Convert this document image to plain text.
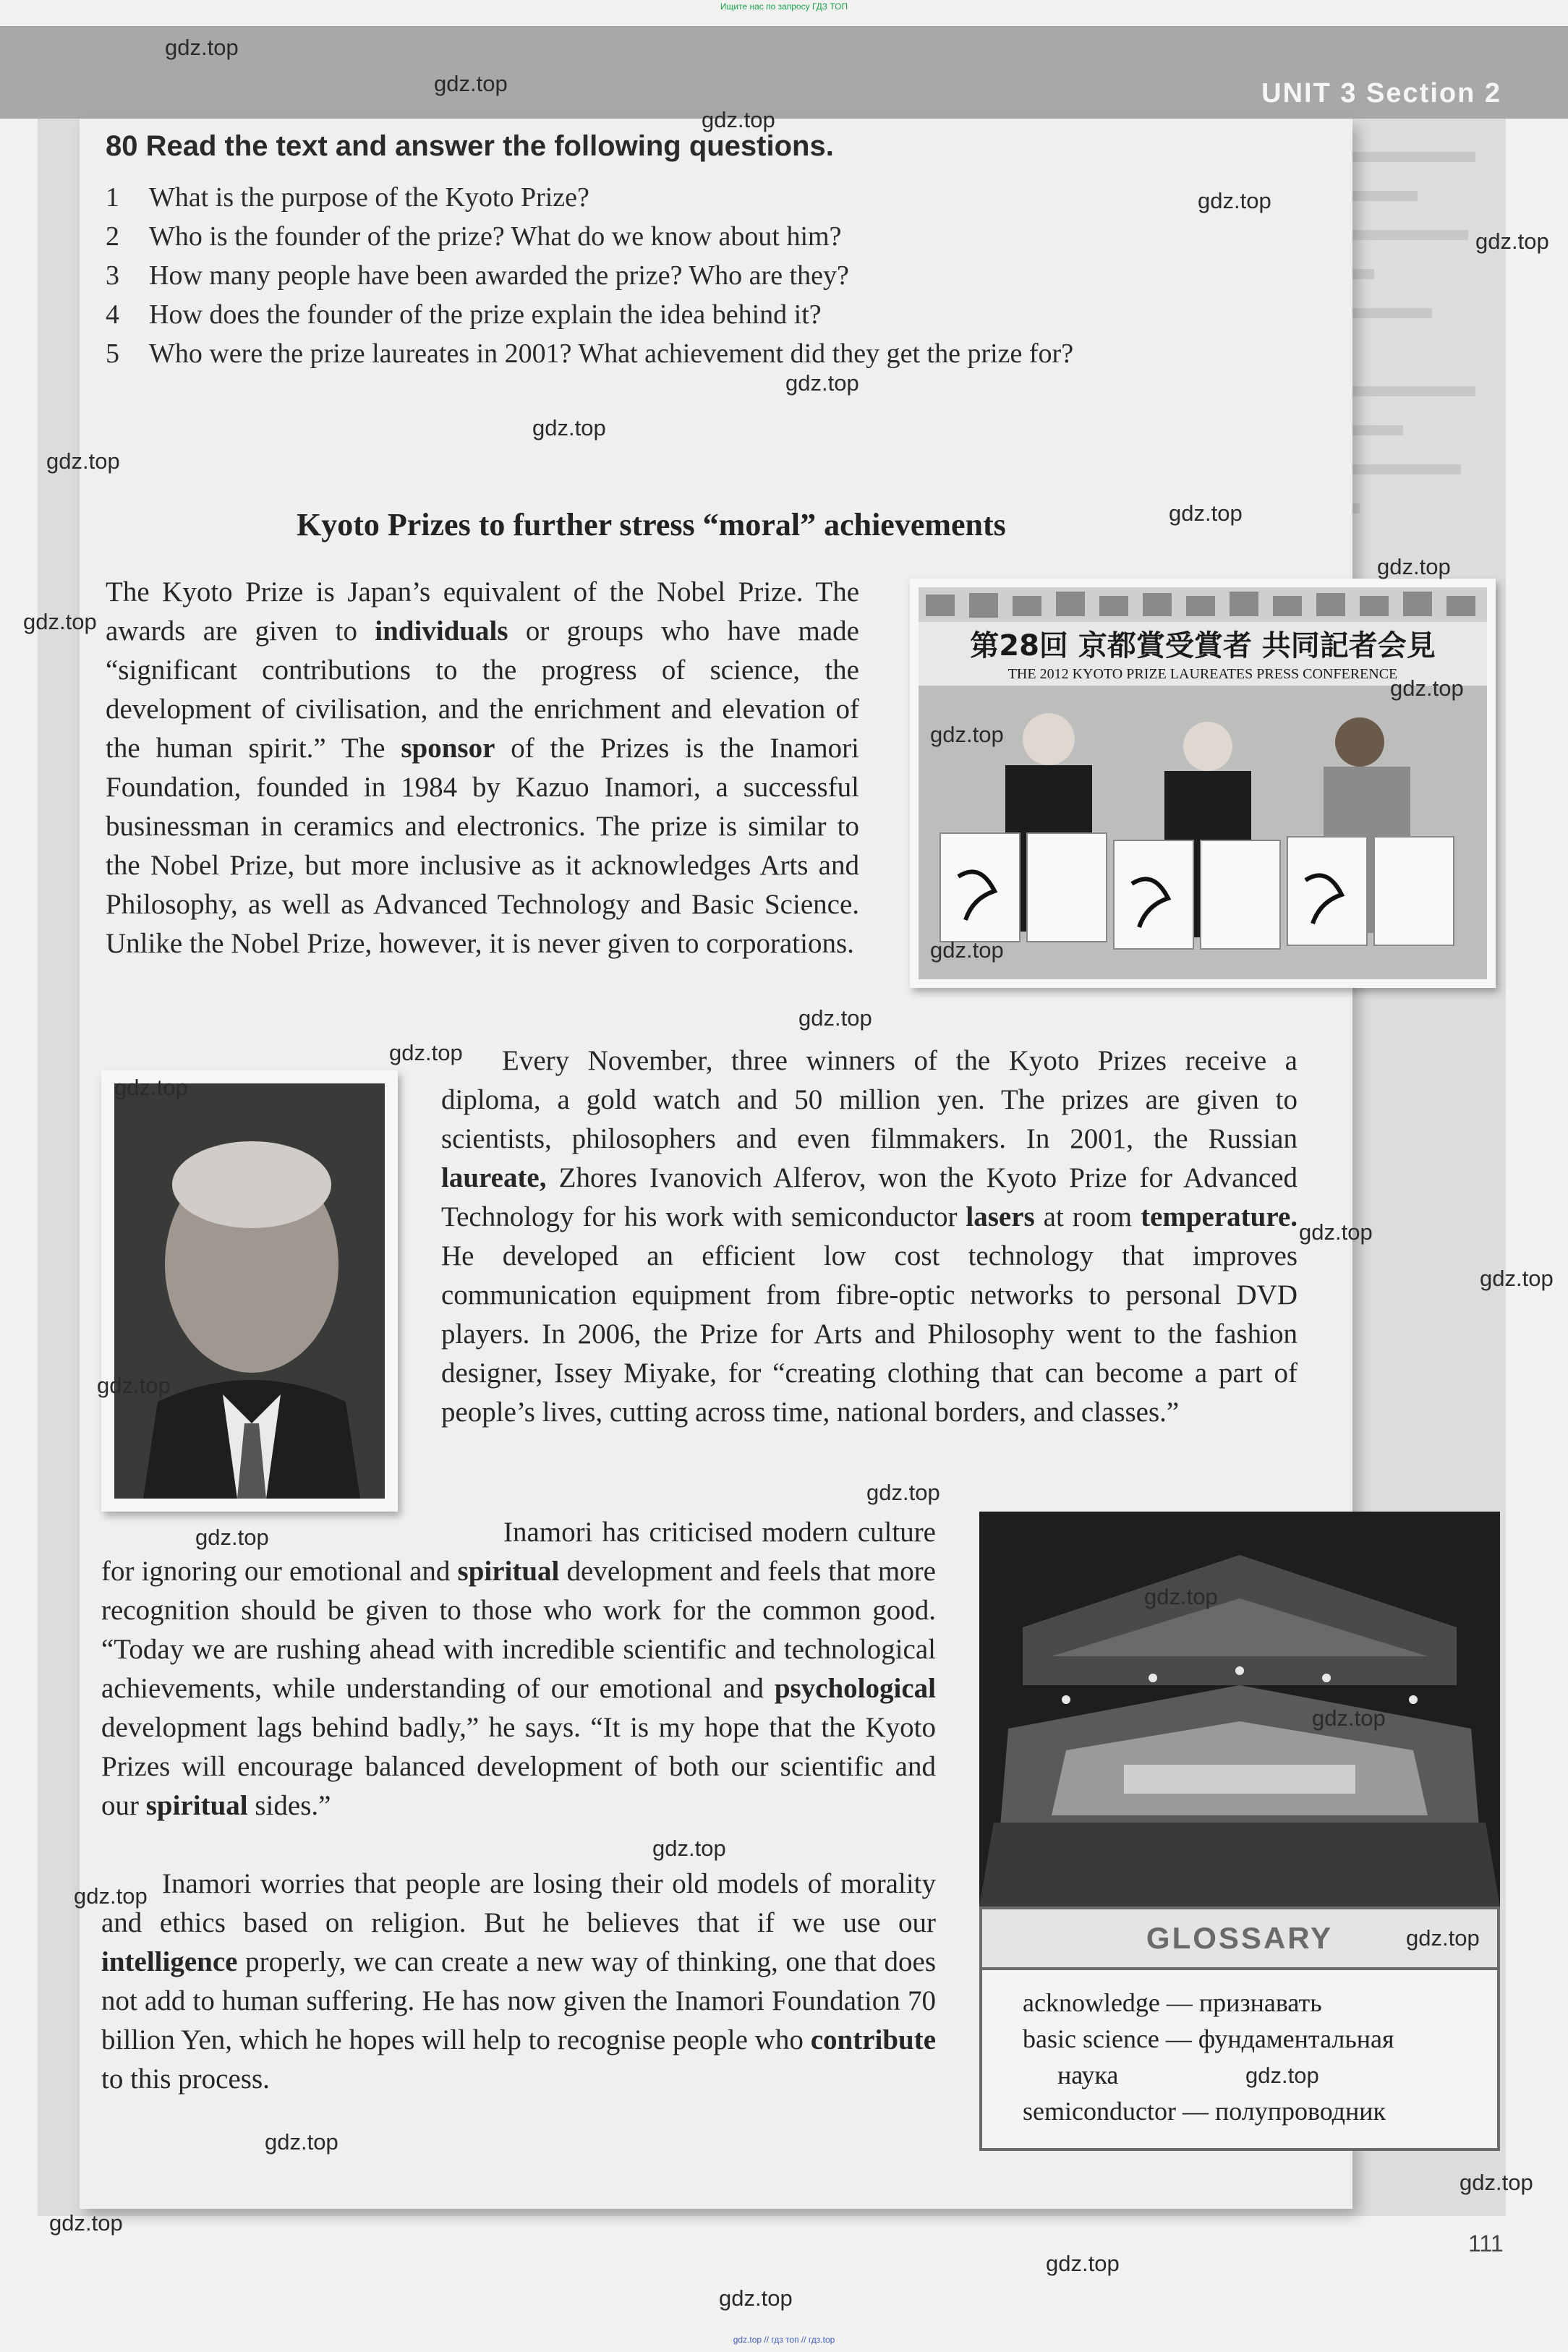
Ищите нас по запросу ГДЗ ТОП
UNIT 3 Section 2
80 Read the text and answer the following questions.
1	What is the purpose of the Kyoto Prize?
2	Who is the founder of the prize? What do we know about him?
3	How many people have been awarded the prize? Who are they?
4	How does the founder of the prize explain the idea behind it?
5	Who were the prize laureates in 2001? What achievement did they get the prize for?
Kyoto Prizes to further stress “moral” achievements

The Kyoto Prize is Japan’s equivalent of the Nobel Prize. The awards are given to individuals or groups who have made “significant contributions to the progress of science, the development of civilisation, and the enrichment and elevation of the human spirit.” The sponsor of the Prizes is the Inamori Foundation, founded in 1984 by Kazuo Inamori, a successful businessman in ceramics and electronics. The prize is similar to the Nobel Prize, but more inclusive as it acknowledges Arts and Philosophy, as well as Advanced Technology and Basic Science. Unlike the Nobel Prize, however, it is never given to corporations.

第28回 京都賞受賞者 共同記者会見
THE 2012 KYOTO PRIZE LAUREATES PRESS CONFERENCE

Every November, three winners of the Kyoto Prizes receive a diploma, a gold watch and 50 million yen. The prizes are given to scientists, philosophers and even filmmakers. In 2001, the Russian laureate, Zhores Ivanovich Alferov, won the Kyoto Prize for Advanced Technology for his work with semiconductor lasers at room temperature. He developed an efficient low cost technology that improves communication equipment from fibre-optic networks to personal DVD players. In 2006, the Prize for Arts and Philosophy went to the fashion designer, Issey Miyake, for “creating clothing that can become a part of people’s lives, cutting across time, national borders, and classes.”

Inamori has criticised modern culture for ignoring our emotional and spiritual development and feels that more recognition should be given to those who work for the common good. “Today we are rushing ahead with incredible scientific and technological achievements, while understanding of our emotional and psychological development lags behind badly,” he says. “It is my hope that the Kyoto Prizes will encourage balanced development of both our scientific and our spiritual sides.”

Inamori worries that people are losing their old models of morality and ethics based on religion. But he believes that if we use our intelligence properly, we can create a new way of thinking, one that does not add to human suffering. He has now given the Inamori Foundation 70 billion Yen, which he hopes will help to recognise people who contribute to this process.

GLOSSARY
acknowledge — признавать
basic science — фундаментальная
наука
semiconductor — полупроводник
111
gdz.top
gdz.top
gdz.top
gdz.top
gdz.top
gdz.top
gdz.top
gdz.top
gdz.top
gdz.top
gdz.top
gdz.top
gdz.top
gdz.top
gdz.top
gdz.top
gdz.top
gdz.top
gdz.top
gdz.top
gdz.top
gdz.top
gdz.top
gdz.top
gdz.top
gdz.top
gdz.top
gdz.top
gdz.top
gdz.top
gdz.top
gdz.top
gdz.top
gdz.top // гдз топ // гдз.top
